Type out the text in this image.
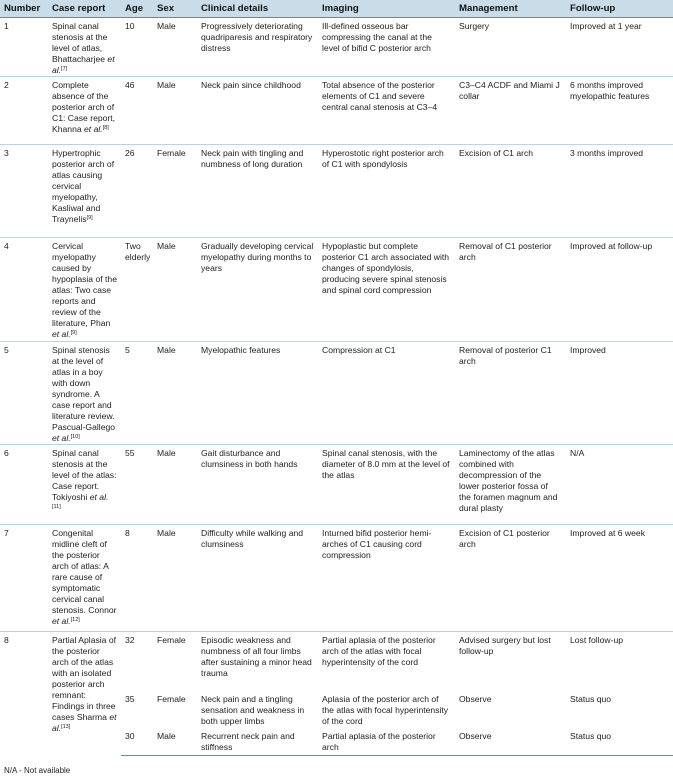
Number	Case report	Age	Sex	Clinical details	Imaging	Management	Follow-up
1	Spinal canal stenosis at the level of atlas, Bhattacharjee et al.[7]	10	Male	Progressively deteriorating quadriparesis and respiratory distress	Ill-defined osseous bar compressing the canal at the level of bifid C posterior arch	Surgery	Improved at 1 year
2	Complete absence of the posterior arch of C1: Case report, Khanna et al.[8]	46	Male	Neck pain since childhood	Total absence of the posterior elements of C1 and severe central canal stenosis at C3–4	C3–C4 ACDF and Miami J collar	6 months improved myelopathic features
3	Hypertrophic posterior arch of atlas causing cervical myelopathy, Kasliwal and Traynelis[9]	26	Female	Neck pain with tingling and numbness of long duration	Hyperostotic right posterior arch of C1 with spondylosis	Excision of C1 arch	3 months improved
4	Cervical myelopathy caused by hypoplasia of the atlas: Two case reports and review of the literature, Phan et al.[9]	Two elderly	Male	Gradually developing cervical myelopathy during months to years	Hypoplastic but complete posterior C1 arch associated with changes of spondylosis, producing severe spinal stenosis and spinal cord compression	Removal of C1 posterior arch	Improved at follow-up
5	Spinal stenosis at the level of atlas in a boy with down syndrome. A case report and literature review. Pascual-Gallego et al.[10]	5	Male	Myelopathic features	Compression at C1	Removal of posterior C1 arch	Improved
6	Spinal canal stenosis at the level of the atlas: Case report. Tokiyoshi et al.[11]	55	Male	Gait disturbance and clumsiness in both hands	Spinal canal stenosis, with the diameter of 8.0 mm at the level of the atlas	Laminectomy of the atlas combined with decompression of the lower posterior fossa of the foramen magnum and dural plasty	N/A
7	Congenital midline cleft of the posterior arch of atlas: A rare cause of symptomatic cervical canal stenosis. Connor et al.[12]	8	Male	Difficulty while walking and clumsiness	Inturned bifid posterior hemi-arches of C1 causing cord compression	Excision of C1 posterior arch	Improved at 6 week
8	Partial Aplasia of the posterior arch of the atlas with an isolated posterior arch remnant: Findings in three cases Sharma et al.[13]	32	Female	Episodic weakness and numbness of all four limbs after sustaining a minor head trauma	Partial aplasia of the posterior arch of the atlas with focal hyperintensity of the cord	Advised surgery but lost follow-up	Lost follow-up
		35	Female	Neck pain and a tingling sensation and weakness in both upper limbs	Aplasia of the posterior arch of the atlas with focal hyperintensity of the cord	Observe	Status quo
		30	Male	Recurrent neck pain and stiffness	Partial aplasia of the posterior arch	Observe	Status quo
N/A - Not available
